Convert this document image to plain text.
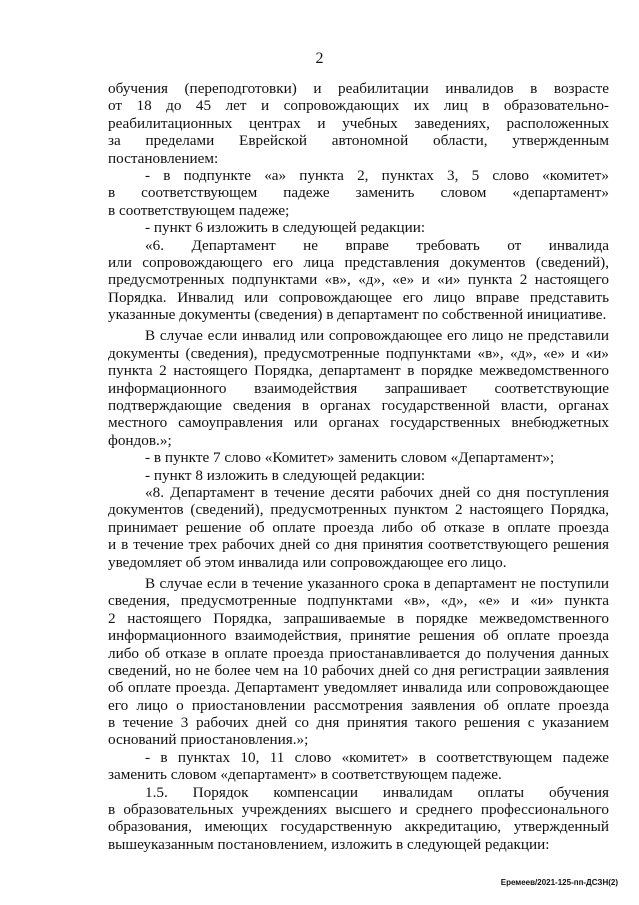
2
обучения (переподготовки) и реабилитации инвалидов в возрасте
от 18 до 45 лет и сопровождающих их лиц в образовательно-
реабилитационных центрах и учебных заведениях, расположенных
за пределами Еврейской автономной области, утвержденным
постановлением:
- в подпункте «а» пункта 2, пунктах 3, 5 слово «комитет»
в соответствующем падеже заменить словом «департамент»
в соответствующем падеже;
- пункт 6 изложить в следующей редакции:
«6. Департамент не вправе требовать от инвалида
или сопровождающего его лица представления документов (сведений),
предусмотренных подпунктами «в», «д», «е» и «и» пункта 2 настоящего
Порядка. Инвалид или сопровождающее его лицо вправе представить
указанные документы (сведения) в департамент по собственной инициативе.
В случае если инвалид или сопровождающее его лицо не представили
документы (сведения), предусмотренные подпунктами «в», «д», «е» и «и»
пункта 2 настоящего Порядка, департамент в порядке межведомственного
информационного взаимодействия запрашивает соответствующие
подтверждающие сведения в органах государственной власти, органах
местного самоуправления или органах государственных внебюджетных
фондов.»;
- в пункте 7 слово «Комитет» заменить словом «Департамент»;
- пункт 8 изложить в следующей редакции:
«8. Департамент в течение десяти рабочих дней со дня поступления
документов (сведений), предусмотренных пунктом 2 настоящего Порядка,
принимает решение об оплате проезда либо об отказе в оплате проезда
и в течение трех рабочих дней со дня принятия соответствующего решения
уведомляет об этом инвалида или сопровождающее его лицо.
В случае если в течение указанного срока в департамент не поступили
сведения, предусмотренные подпунктами «в», «д», «е» и «и» пункта
2 настоящего Порядка, запрашиваемые в порядке межведомственного
информационного взаимодействия, принятие решения об оплате проезда
либо об отказе в оплате проезда приостанавливается до получения данных
сведений, но не более чем на 10 рабочих дней со дня регистрации заявления
об оплате проезда. Департамент уведомляет инвалида или сопровождающее
его лицо о приостановлении рассмотрения заявления об оплате проезда
в течение 3 рабочих дней со дня принятия такого решения с указанием
оснований приостановления.»;
- в пунктах 10, 11 слово «комитет» в соответствующем падеже
заменить словом «департамент» в соответствующем падеже.
1.5. Порядок компенсации инвалидам оплаты обучения
в образовательных учреждениях высшего и среднего профессионального
образования, имеющих государственную аккредитацию, утвержденный
вышеуказанным постановлением, изложить в следующей редакции:
Еремеев/2021-125-пп-ДСЗН(2)
